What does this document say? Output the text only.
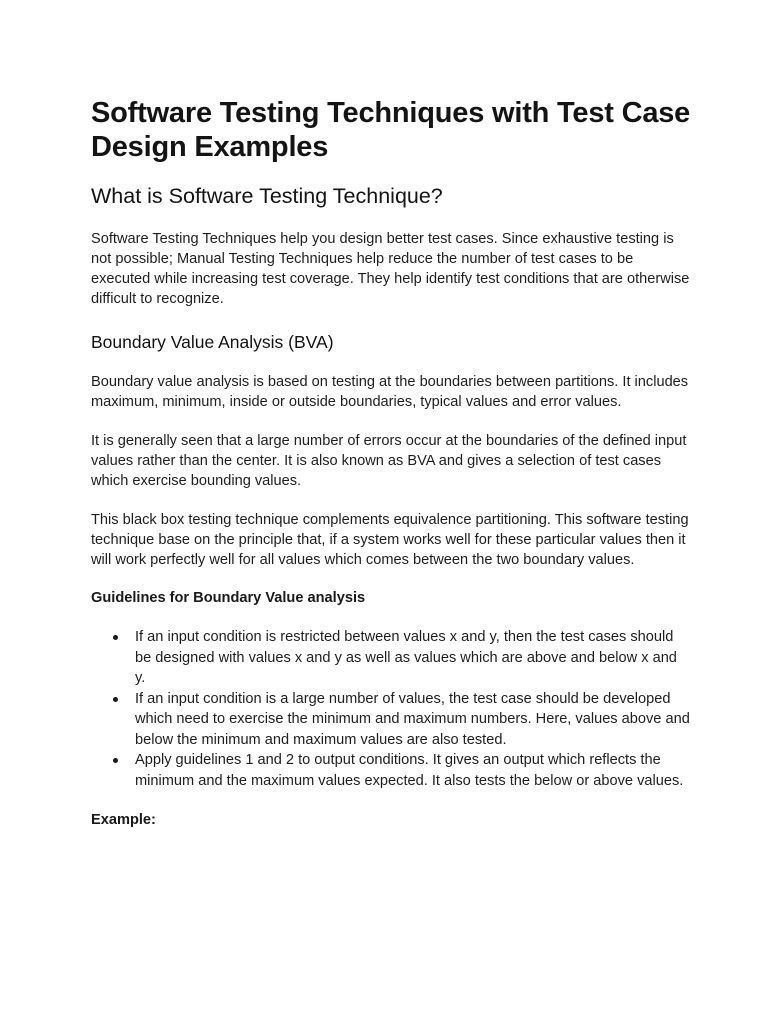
Software Testing Techniques with Test Case Design Examples
What is Software Testing Technique?

Software Testing Techniques help you design better test cases. Since exhaustive testing is not possible; Manual Testing Techniques help reduce the number of test cases to be executed while increasing test coverage. They help identify test conditions that are otherwise difficult to recognize.

Boundary Value Analysis (BVA)

Boundary value analysis is based on testing at the boundaries between partitions. It includes maximum, minimum, inside or outside boundaries, typical values and error values.

It is generally seen that a large number of errors occur at the boundaries of the defined input values rather than the center. It is also known as BVA and gives a selection of test cases which exercise bounding values.

This black box testing technique complements equivalence partitioning. This software testing technique base on the principle that, if a system works well for these particular values then it will work perfectly well for all values which comes between the two boundary values.

Guidelines for Boundary Value analysis

If an input condition is restricted between values x and y, then the test cases should be designed with values x and y as well as values which are above and below x and y.
If an input condition is a large number of values, the test case should be developed which need to exercise the minimum and maximum numbers. Here, values above and below the minimum and maximum values are also tested.
Apply guidelines 1 and 2 to output conditions. It gives an output which reflects the minimum and the maximum values expected. It also tests the below or above values.

Example:
